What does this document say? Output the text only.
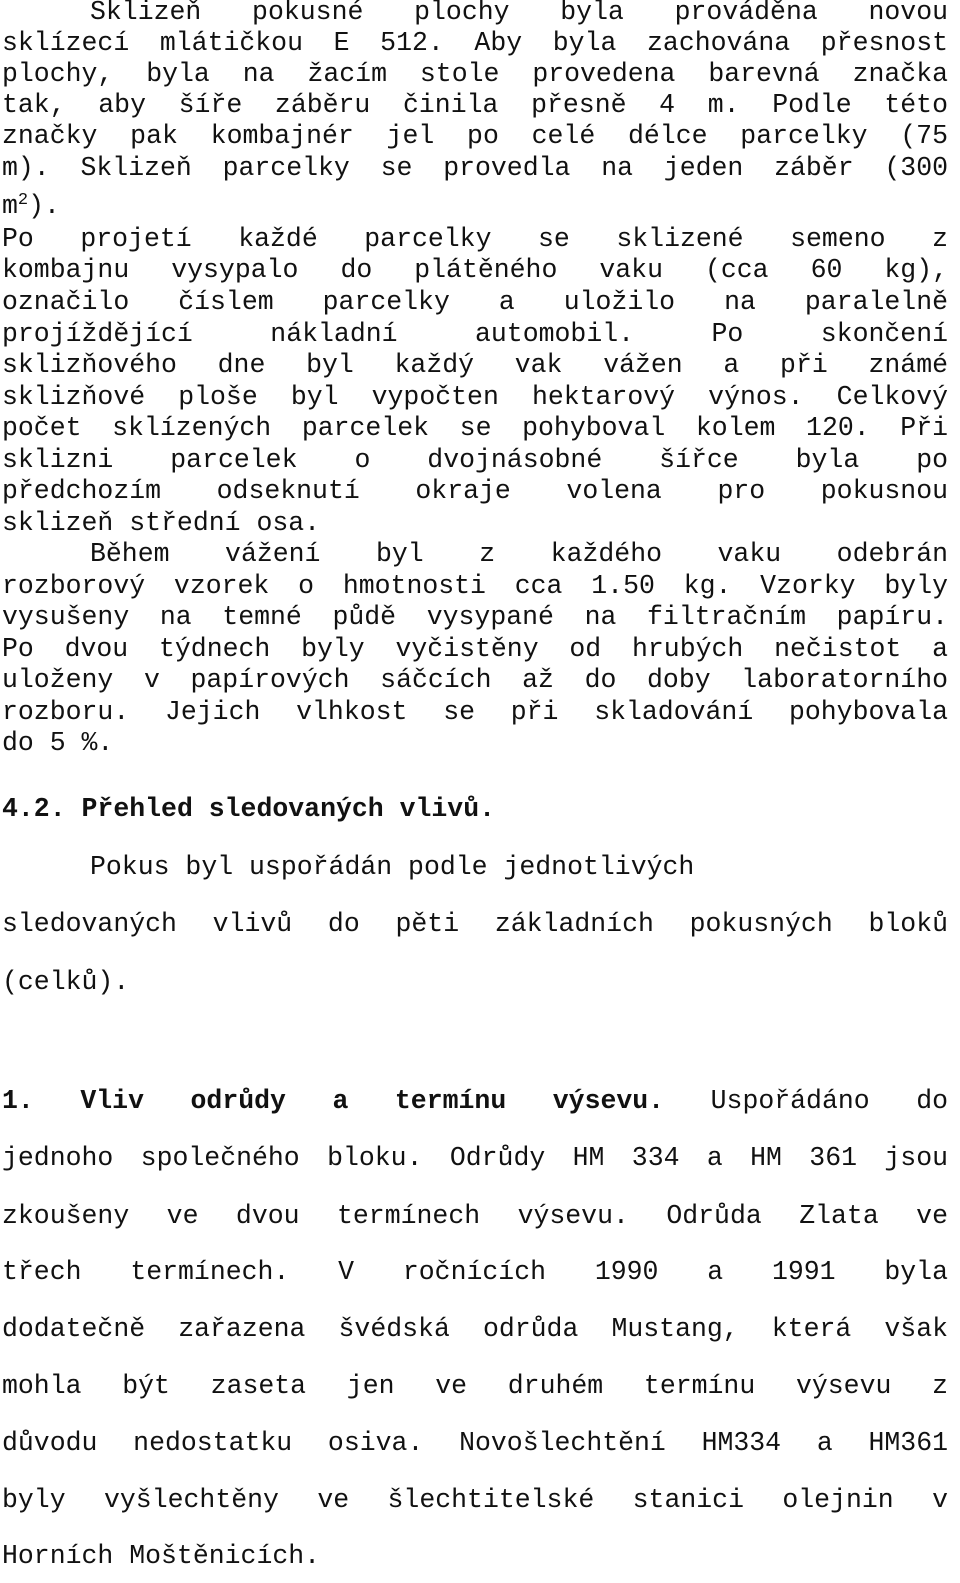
Sklizeň pokusné plochy byla prováděna novou
sklízecí mlátičkou E 512. Aby byla zachována přesnost
plochy, byla na žacím stole provedena barevná značka
tak, aby šíře záběru činila přesně 4 m. Podle této
značky pak kombajnér jel po celé délce parcelky (75
m). Sklizeň parcelky se provedla na jeden záběr (300
$m^2$).
Po projetí každé parcelky se sklizené semeno z
kombajnu vysypalo do plátěného vaku (cca 60 kg),
označilo číslem parcelky a uložilo na paralelně
projíždějící nákladní automobil. Po skončení
sklizňového dne byl každý vak vážen a při známé
sklizňové ploše byl vypočten hektarový výnos. Celkový
počet sklízených parcelek se pohyboval kolem 120. Při
sklizni parcelek o dvojnásobné šířce byla po
předchozím odseknutí okraje volena pro pokusnou
sklizeň střední osa.
Během vážení byl z každého vaku odebrán
rozborový vzorek o hmotnosti cca 1.50 kg. Vzorky byly
vysušeny na temné půdě vysypané na filtračním papíru.
Po dvou týdnech byly vyčistěny od hrubých nečistot a
uloženy v papírových sáčcích až do doby laboratorního
rozboru. Jejich vlhkost se při skladování pohybovala
do 5 %.
4.2. Přehled sledovaných vlivů.
Pokus byl uspořádán podle jednotlivých
sledovaných vlivů do pěti základních pokusných bloků
(celků).
1. Vliv odrůdy a termínu výsevu. Uspořádáno do
jednoho společného bloku. Odrůdy HM 334 a HM 361 jsou
zkoušeny ve dvou termínech výsevu. Odrůda Zlata ve
třech termínech. V ročnících 1990 a 1991 byla
dodatečně zařazena švédská odrůda Mustang, která však
mohla být zaseta jen ve druhém termínu výsevu z
důvodu nedostatku osiva. Novošlechtění HM334 a HM361
byly vyšlechtěny ve šlechtitelské stanici olejnin v
Horních Moštěnicích.
